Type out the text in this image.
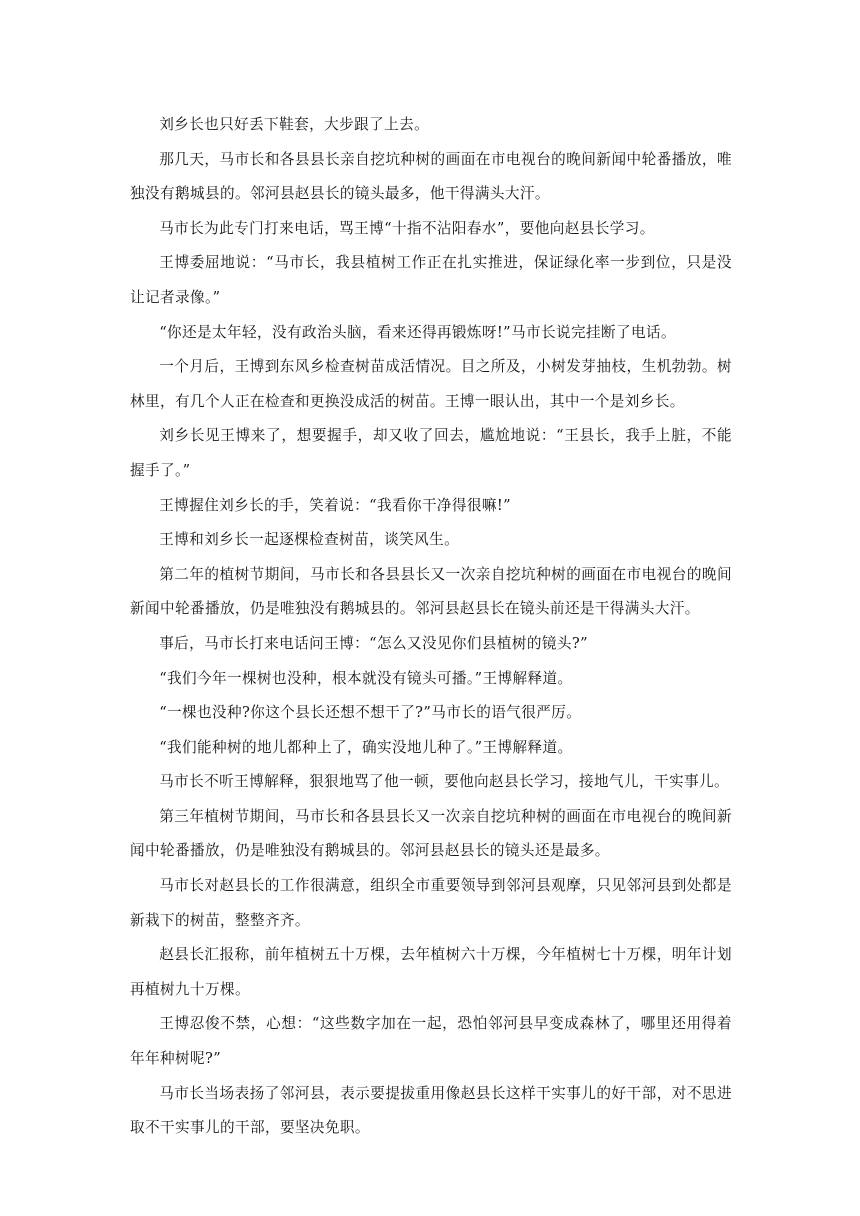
刘乡长也只好丢下鞋套，大步跟了上去。

那几天，马市长和各县县长亲自挖坑种树的画面在市电视台的晚间新闻中轮番播放，唯独没有鹅城县的。邻河县赵县长的镜头最多，他干得满头大汗。

马市长为此专门打来电话，骂王博“十指不沾阳春水”，要他向赵县长学习。

王博委屈地说：“马市长，我县植树工作正在扎实推进，保证绿化率一步到位，只是没让记者录像。”

“你还是太年轻，没有政治头脑，看来还得再锻炼呀!”马市长说完挂断了电话。

一个月后，王博到东风乡检查树苗成活情况。目之所及，小树发芽抽枝，生机勃勃。树林里，有几个人正在检查和更换没成活的树苗。王博一眼认出，其中一个是刘乡长。

刘乡长见王博来了，想要握手，却又收了回去，尴尬地说：“王县长，我手上脏，不能握手了。”

王博握住刘乡长的手，笑着说：“我看你干净得很嘛!”

王博和刘乡长一起逐棵检查树苗，谈笑风生。

第二年的植树节期间，马市长和各县县长又一次亲自挖坑种树的画面在市电视台的晚间新闻中轮番播放，仍是唯独没有鹅城县的。邻河县赵县长在镜头前还是干得满头大汗。

事后，马市长打来电话问王博：“怎么又没见你们县植树的镜头?”

“我们今年一棵树也没种，根本就没有镜头可播。”王博解释道。

“一棵也没种?你这个县长还想不想干了?”马市长的语气很严厉。

“我们能种树的地儿都种上了，确实没地儿种了。”王博解释道。

马市长不听王博解释，狠狠地骂了他一顿，要他向赵县长学习，接地气儿，干实事儿。

第三年植树节期间，马市长和各县县长又一次亲自挖坑种树的画面在市电视台的晚间新闻中轮番播放，仍是唯独没有鹅城县的。邻河县赵县长的镜头还是最多。

马市长对赵县长的工作很满意，组织全市重要领导到邻河县观摩，只见邻河县到处都是新栽下的树苗，整整齐齐。

赵县长汇报称，前年植树五十万棵，去年植树六十万棵，今年植树七十万棵，明年计划再植树九十万棵。

王博忍俊不禁，心想：“这些数字加在一起，恐怕邻河县早变成森林了，哪里还用得着年年种树呢?”

马市长当场表扬了邻河县，表示要提拔重用像赵县长这样干实事儿的好干部，对不思进取不干实事儿的干部，要坚决免职。
